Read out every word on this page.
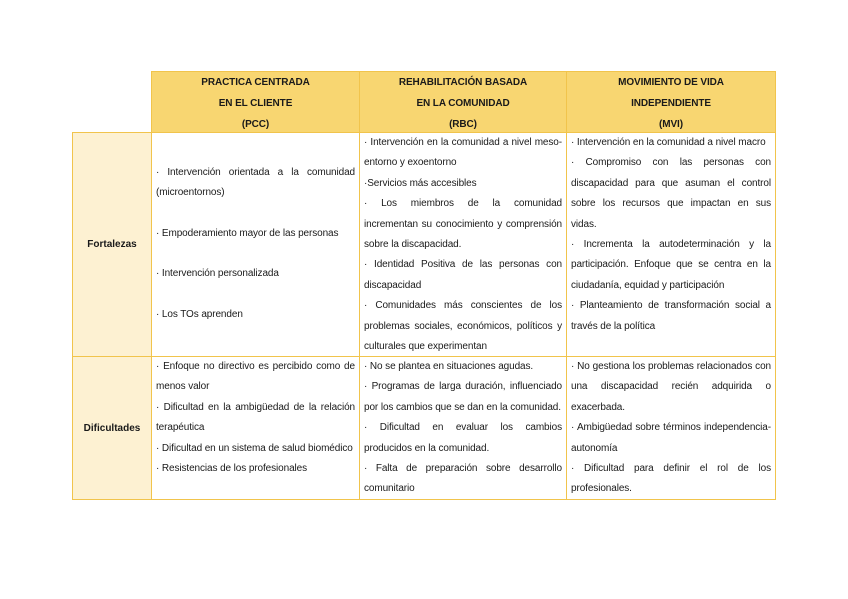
PRACTICA CENTRADA
EN EL CLIENTE
(PCC)
REHABILITACIÓN BASADA
EN LA COMUNIDAD
(RBC)
MOVIMIENTO DE VIDA
INDEPENDIENTE
(MVI)
Fortalezas

· Intervención orientada a la comunidad (microentornos)

· Empoderamiento mayor de las personas

· Intervención personalizada

· Los TOs aprenden

· Intervención en la comunidad a nivel meso-entorno y exoentorno

·Servicios más accesibles

· Los miembros de la comunidad incrementan su conocimiento y comprensión sobre la discapacidad.

· Identidad Positiva de las personas con discapacidad

· Comunidades más conscientes de los problemas sociales, económicos, políticos y culturales que experimentan

· Intervención en la comunidad a nivel macro

· Compromiso con las personas con discapacidad para que asuman el control sobre los recursos que impactan en sus vidas.

· Incrementa la autodeterminación y la participación. Enfoque que se centra en la ciudadanía, equidad y participación

· Planteamiento de transformación social a través de la política

Dificultades

· Enfoque no directivo es percibido como de menos valor

· Dificultad en la ambigüedad de la relación terapéutica

· Dificultad en un sistema de salud biomédico

· Resistencias de los profesionales

· No se plantea en situaciones agudas.

· Programas de larga duración, influenciado por los cambios que se dan en la comunidad.

· Dificultad en evaluar los cambios producidos en la comunidad.

· Falta de preparación sobre desarrollo comunitario

· No gestiona los problemas relacionados con una discapacidad recién adquirida o exacerbada.

· Ambigüedad sobre términos independencia-autonomía

· Dificultad para definir el rol de los profesionales.
